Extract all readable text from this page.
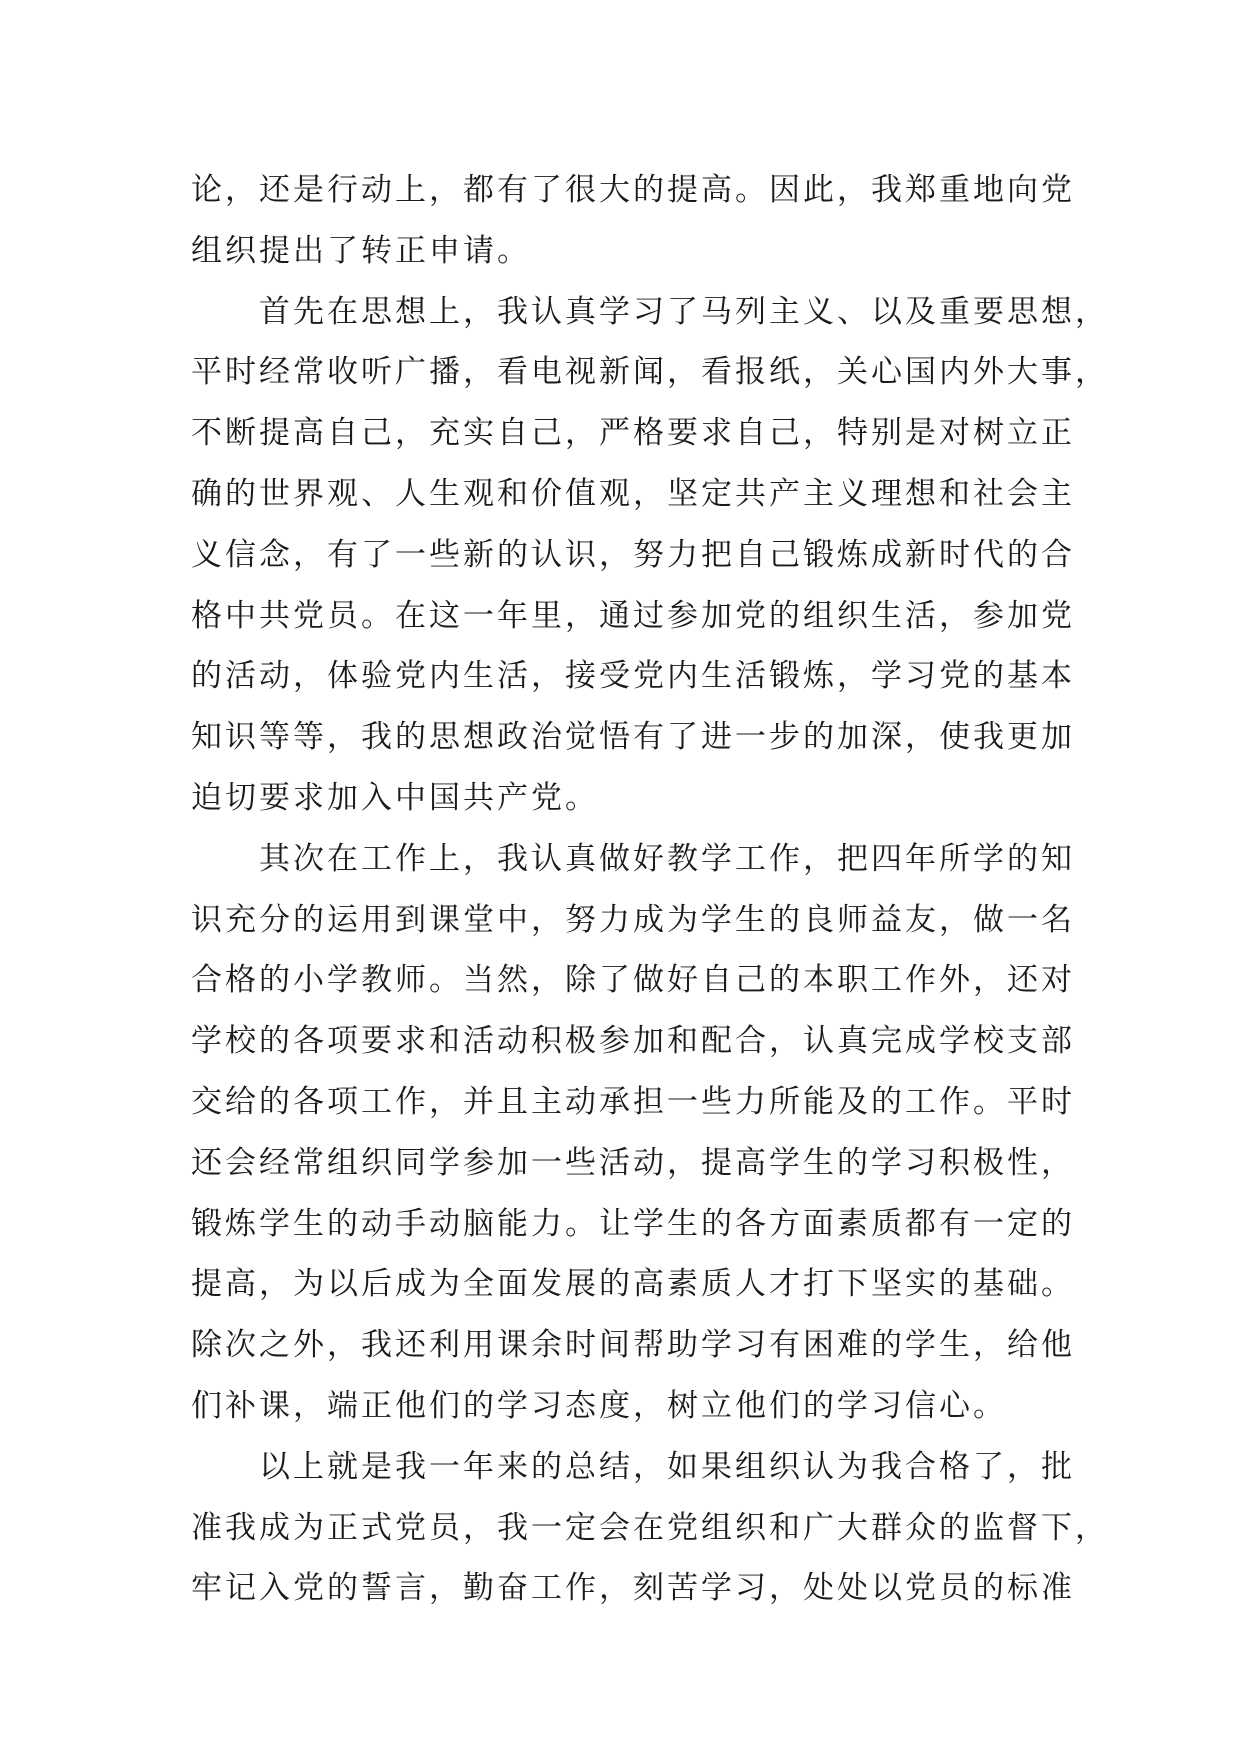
论，还是行动上，都有了很大的提高。因此，我郑重地向党
组织提出了转正申请。
首先在思想上，我认真学习了马列主义、以及重要思想，
平时经常收听广播，看电视新闻，看报纸，关心国内外大事，
不断提高自己，充实自己，严格要求自己，特别是对树立正
确的世界观、人生观和价值观，坚定共产主义理想和社会主
义信念，有了一些新的认识，努力把自己锻炼成新时代的合
格中共党员。在这一年里，通过参加党的组织生活，参加党
的活动，体验党内生活，接受党内生活锻炼，学习党的基本
知识等等，我的思想政治觉悟有了进一步的加深，使我更加
迫切要求加入中国共产党。
其次在工作上，我认真做好教学工作，把四年所学的知
识充分的运用到课堂中，努力成为学生的良师益友，做一名
合格的小学教师。当然，除了做好自己的本职工作外，还对
学校的各项要求和活动积极参加和配合，认真完成学校支部
交给的各项工作，并且主动承担一些力所能及的工作。平时
还会经常组织同学参加一些活动，提高学生的学习积极性，
锻炼学生的动手动脑能力。让学生的各方面素质都有一定的
提高，为以后成为全面发展的高素质人才打下坚实的基础。
除次之外，我还利用课余时间帮助学习有困难的学生，给他
们补课，端正他们的学习态度，树立他们的学习信心。
以上就是我一年来的总结，如果组织认为我合格了，批
准我成为正式党员，我一定会在党组织和广大群众的监督下，
牢记入党的誓言，勤奋工作，刻苦学习，处处以党员的标准
